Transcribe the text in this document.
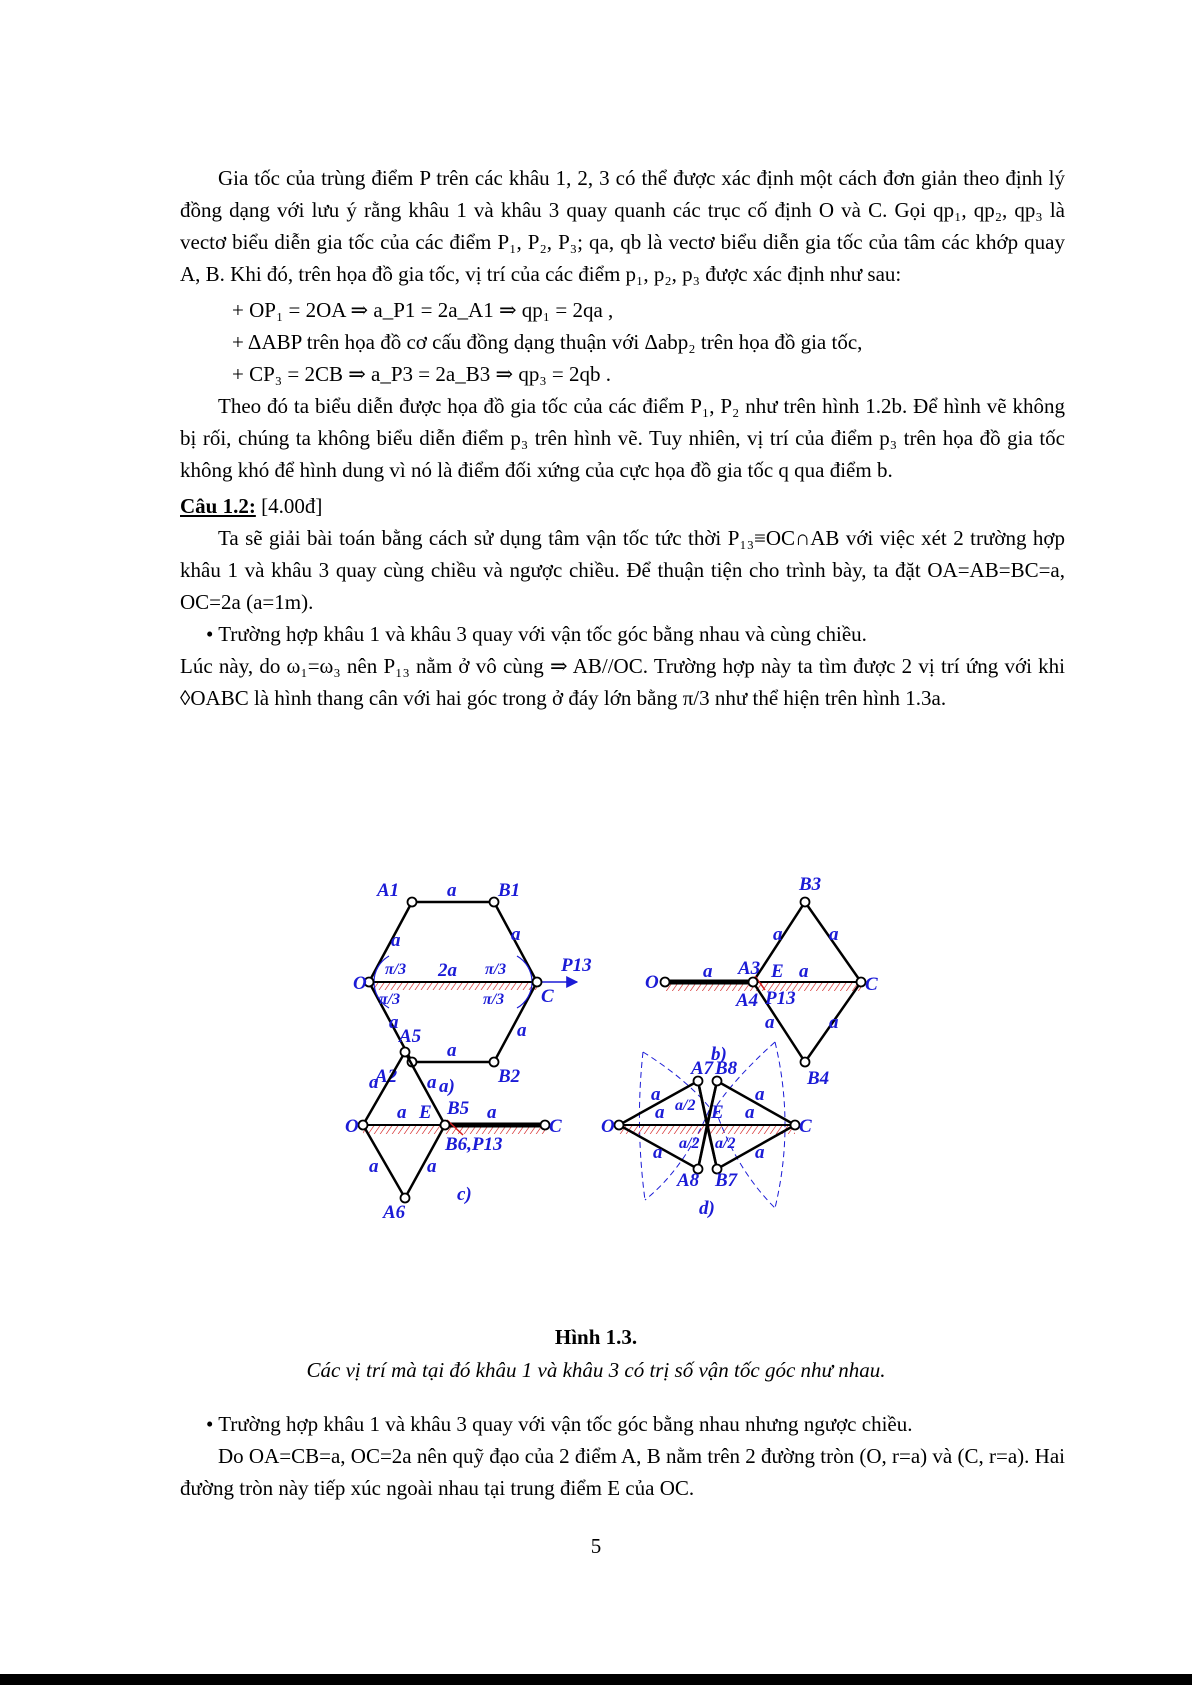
Gia tốc của trùng điểm P trên các khâu 1, 2, 3 có thể được xác định một cách đơn giản theo định lý đồng dạng với lưu ý rằng khâu 1 và khâu 3 quay quanh các trục cố định O và C. Gọi qp₁, qp₂, qp₃ là vectơ biểu diễn gia tốc của các điểm P₁, P₂, P₃; qa, qb là vectơ biểu diễn gia tốc của tâm các khớp quay A, B. Khi đó, trên họa đồ gia tốc, vị trí của các điểm p₁, p₂, p₃ được xác định như sau:

+ OP₁ = 2OA ⇒ a_P1 = 2a_A1 ⇒ qp₁ = 2qa ,

+ ΔABP trên họa đồ cơ cấu đồng dạng thuận với Δabp₂ trên họa đồ gia tốc,

+ CP₃ = 2CB ⇒ a_P3 = 2a_B3 ⇒ qp₃ = 2qb .

Theo đó ta biểu diễn được họa đồ gia tốc của các điểm P₁, P₂ như trên hình 1.2b. Để hình vẽ không bị rối, chúng ta không biểu diễn điểm p₃ trên hình vẽ. Tuy nhiên, vị trí của điểm p₃ trên họa đồ gia tốc không khó để hình dung vì nó là điểm đối xứng của cực họa đồ gia tốc q qua điểm b.

Câu 1.2: [4.00đ]

Ta sẽ giải bài toán bằng cách sử dụng tâm vận tốc tức thời P₁₃≡OC∩AB với việc xét 2 trường hợp khâu 1 và khâu 3 quay cùng chiều và ngược chiều. Để thuận tiện cho trình bày, ta đặt OA=AB=BC=a, OC=2a (a=1m).

• Trường hợp khâu 1 và khâu 3 quay với vận tốc góc bằng nhau và cùng chiều.

Lúc này, do ω₁=ω₃ nên P₁₃ nằm ở vô cùng ⇒ AB//OC. Trường hợp này ta tìm được 2 vị trí ứng với khi ◊OABC là hình thang cân với hai góc trong ở đáy lớn bằng π/3 như thể hiện trên hình 1.3a.

A1	B1
A2	B2
O
C
P13
2a
π/3
π/3
π/3
π/3
a
a
a
a
a
a
a)
O	C
B3
B4
A3
A4
E
P13
a	a
a a
a	a
b)
O	C
A5
A6
B5
B6,P13
E
a	a
a	a
a	a
c)
O	C
A7 B8
A8 B7
E
a/2
a/2 a/2
a
a	a
a
a	a
d)
Hình 1.3.
Các vị trí mà tại đó khâu 1 và khâu 3 có trị số vận tốc góc như nhau.

• Trường hợp khâu 1 và khâu 3 quay với vận tốc góc bằng nhau nhưng ngược chiều.

Do OA=CB=a, OC=2a nên quỹ đạo của 2 điểm A, B nằm trên 2 đường tròn (O, r=a) và (C, r=a). Hai đường tròn này tiếp xúc ngoài nhau tại trung điểm E của OC.

5
